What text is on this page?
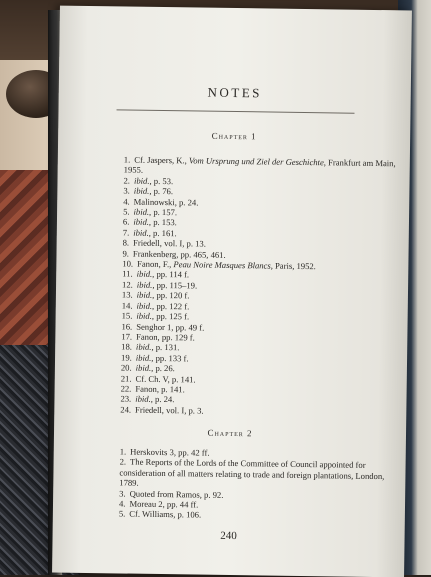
NOTES
Chapter 1
1. Cf. Jaspers, K., Vom Ursprung und Ziel der Geschichte, Frankfurt am Main, 1955.
2. ibid., p. 53.
3. ibid., p. 76.
4. Malinowski, p. 24.
5. ibid., p. 157.
6. ibid., p. 153.
7. ibid., p. 161.
8. Friedell, vol. I, p. 13.
9. Frankenberg, pp. 465, 461.
10. Fanon, F., Peau Noire Masques Blancs, Paris, 1952.
11. ibid., pp. 114 f.
12. ibid., pp. 115–19.
13. ibid., pp. 120 f.
14. ibid., pp. 122 f.
15. ibid., pp. 125 f.
16. Senghor 1, pp. 49 f.
17. Fanon, pp. 129 f.
18. ibid., p. 131.
19. ibid., pp. 133 f.
20. ibid., p. 26.
21. Cf. Ch. V, p. 141.
22. Fanon, p. 141.
23. ibid., p. 24.
24. Friedell, vol. I, p. 3.
Chapter 2
1. Herskovits 3, pp. 42 ff.
2. The Reports of the Lords of the Committee of Council appointed for consideration of all matters relating to trade and foreign plantations, London, 1789.
3. Quoted from Ramos, p. 92.
4. Moreau 2, pp. 44 ff.
5. Cf. Williams, p. 106.
240
